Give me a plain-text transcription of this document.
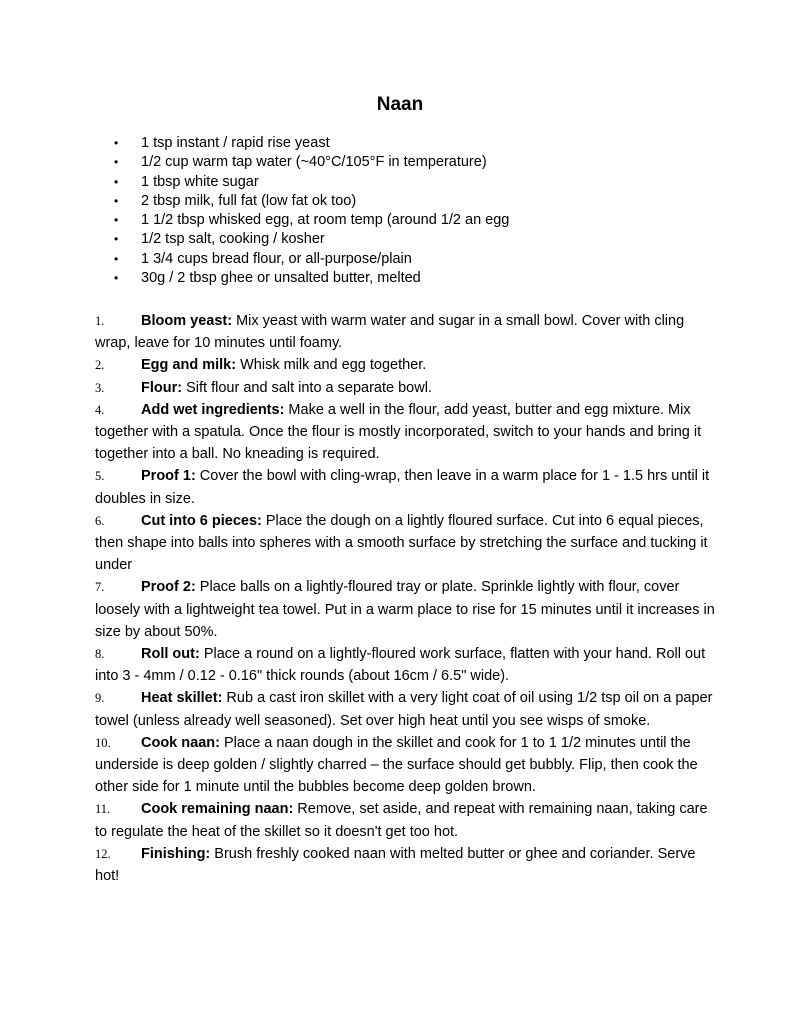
Naan
• 1 tsp instant / rapid rise yeast
• 1/2 cup warm tap water (~40°C/105°F in temperature)
• 1 tbsp white sugar
• 2 tbsp milk, full fat (low fat ok too)
• 1 1/2 tbsp whisked egg, at room temp (around 1/2 an egg
• 1/2 tsp salt, cooking / kosher
• 1 3/4 cups bread flour, or all-purpose/plain
• 30g / 2 tbsp ghee or unsalted butter, melted

1.	Bloom yeast: Mix yeast with warm water and sugar in a small bowl. Cover with cling wrap, leave for 10 minutes until foamy.

2.	Egg and milk: Whisk milk and egg together.

3.	Flour: Sift flour and salt into a separate bowl.

4.	Add wet ingredients: Make a well in the flour, add yeast, butter and egg mixture. Mix together with a spatula. Once the flour is mostly incorporated, switch to your hands and bring it together into a ball. No kneading is required.

5.	Proof 1: Cover the bowl with cling-wrap, then leave in a warm place for 1 - 1.5 hrs until it doubles in size.

6.	Cut into 6 pieces: Place the dough on a lightly floured surface. Cut into 6 equal pieces, then shape into balls into spheres with a smooth surface by stretching the surface and tucking it under

7.	Proof 2: Place balls on a lightly-floured tray or plate. Sprinkle lightly with flour, cover loosely with a lightweight tea towel. Put in a warm place to rise for 15 minutes until it increases in size by about 50%.

8.	Roll out: Place a round on a lightly-floured work surface, flatten with your hand. Roll out into 3 - 4mm / 0.12 - 0.16" thick rounds (about 16cm / 6.5" wide).

9.	Heat skillet: Rub a cast iron skillet with a very light coat of oil using 1/2 tsp oil on a paper towel (unless already well seasoned). Set over high heat until you see wisps of smoke.

10. Cook naan: Place a naan dough in the skillet and cook for 1 to 1 1/2 minutes until the underside is deep golden / slightly charred – the surface should get bubbly. Flip, then cook the other side for 1 minute until the bubbles become deep golden brown.

11. Cook remaining naan: Remove, set aside, and repeat with remaining naan, taking care to regulate the heat of the skillet so it doesn't get too hot.

12. Finishing: Brush freshly cooked naan with melted butter or ghee and coriander. Serve hot!
